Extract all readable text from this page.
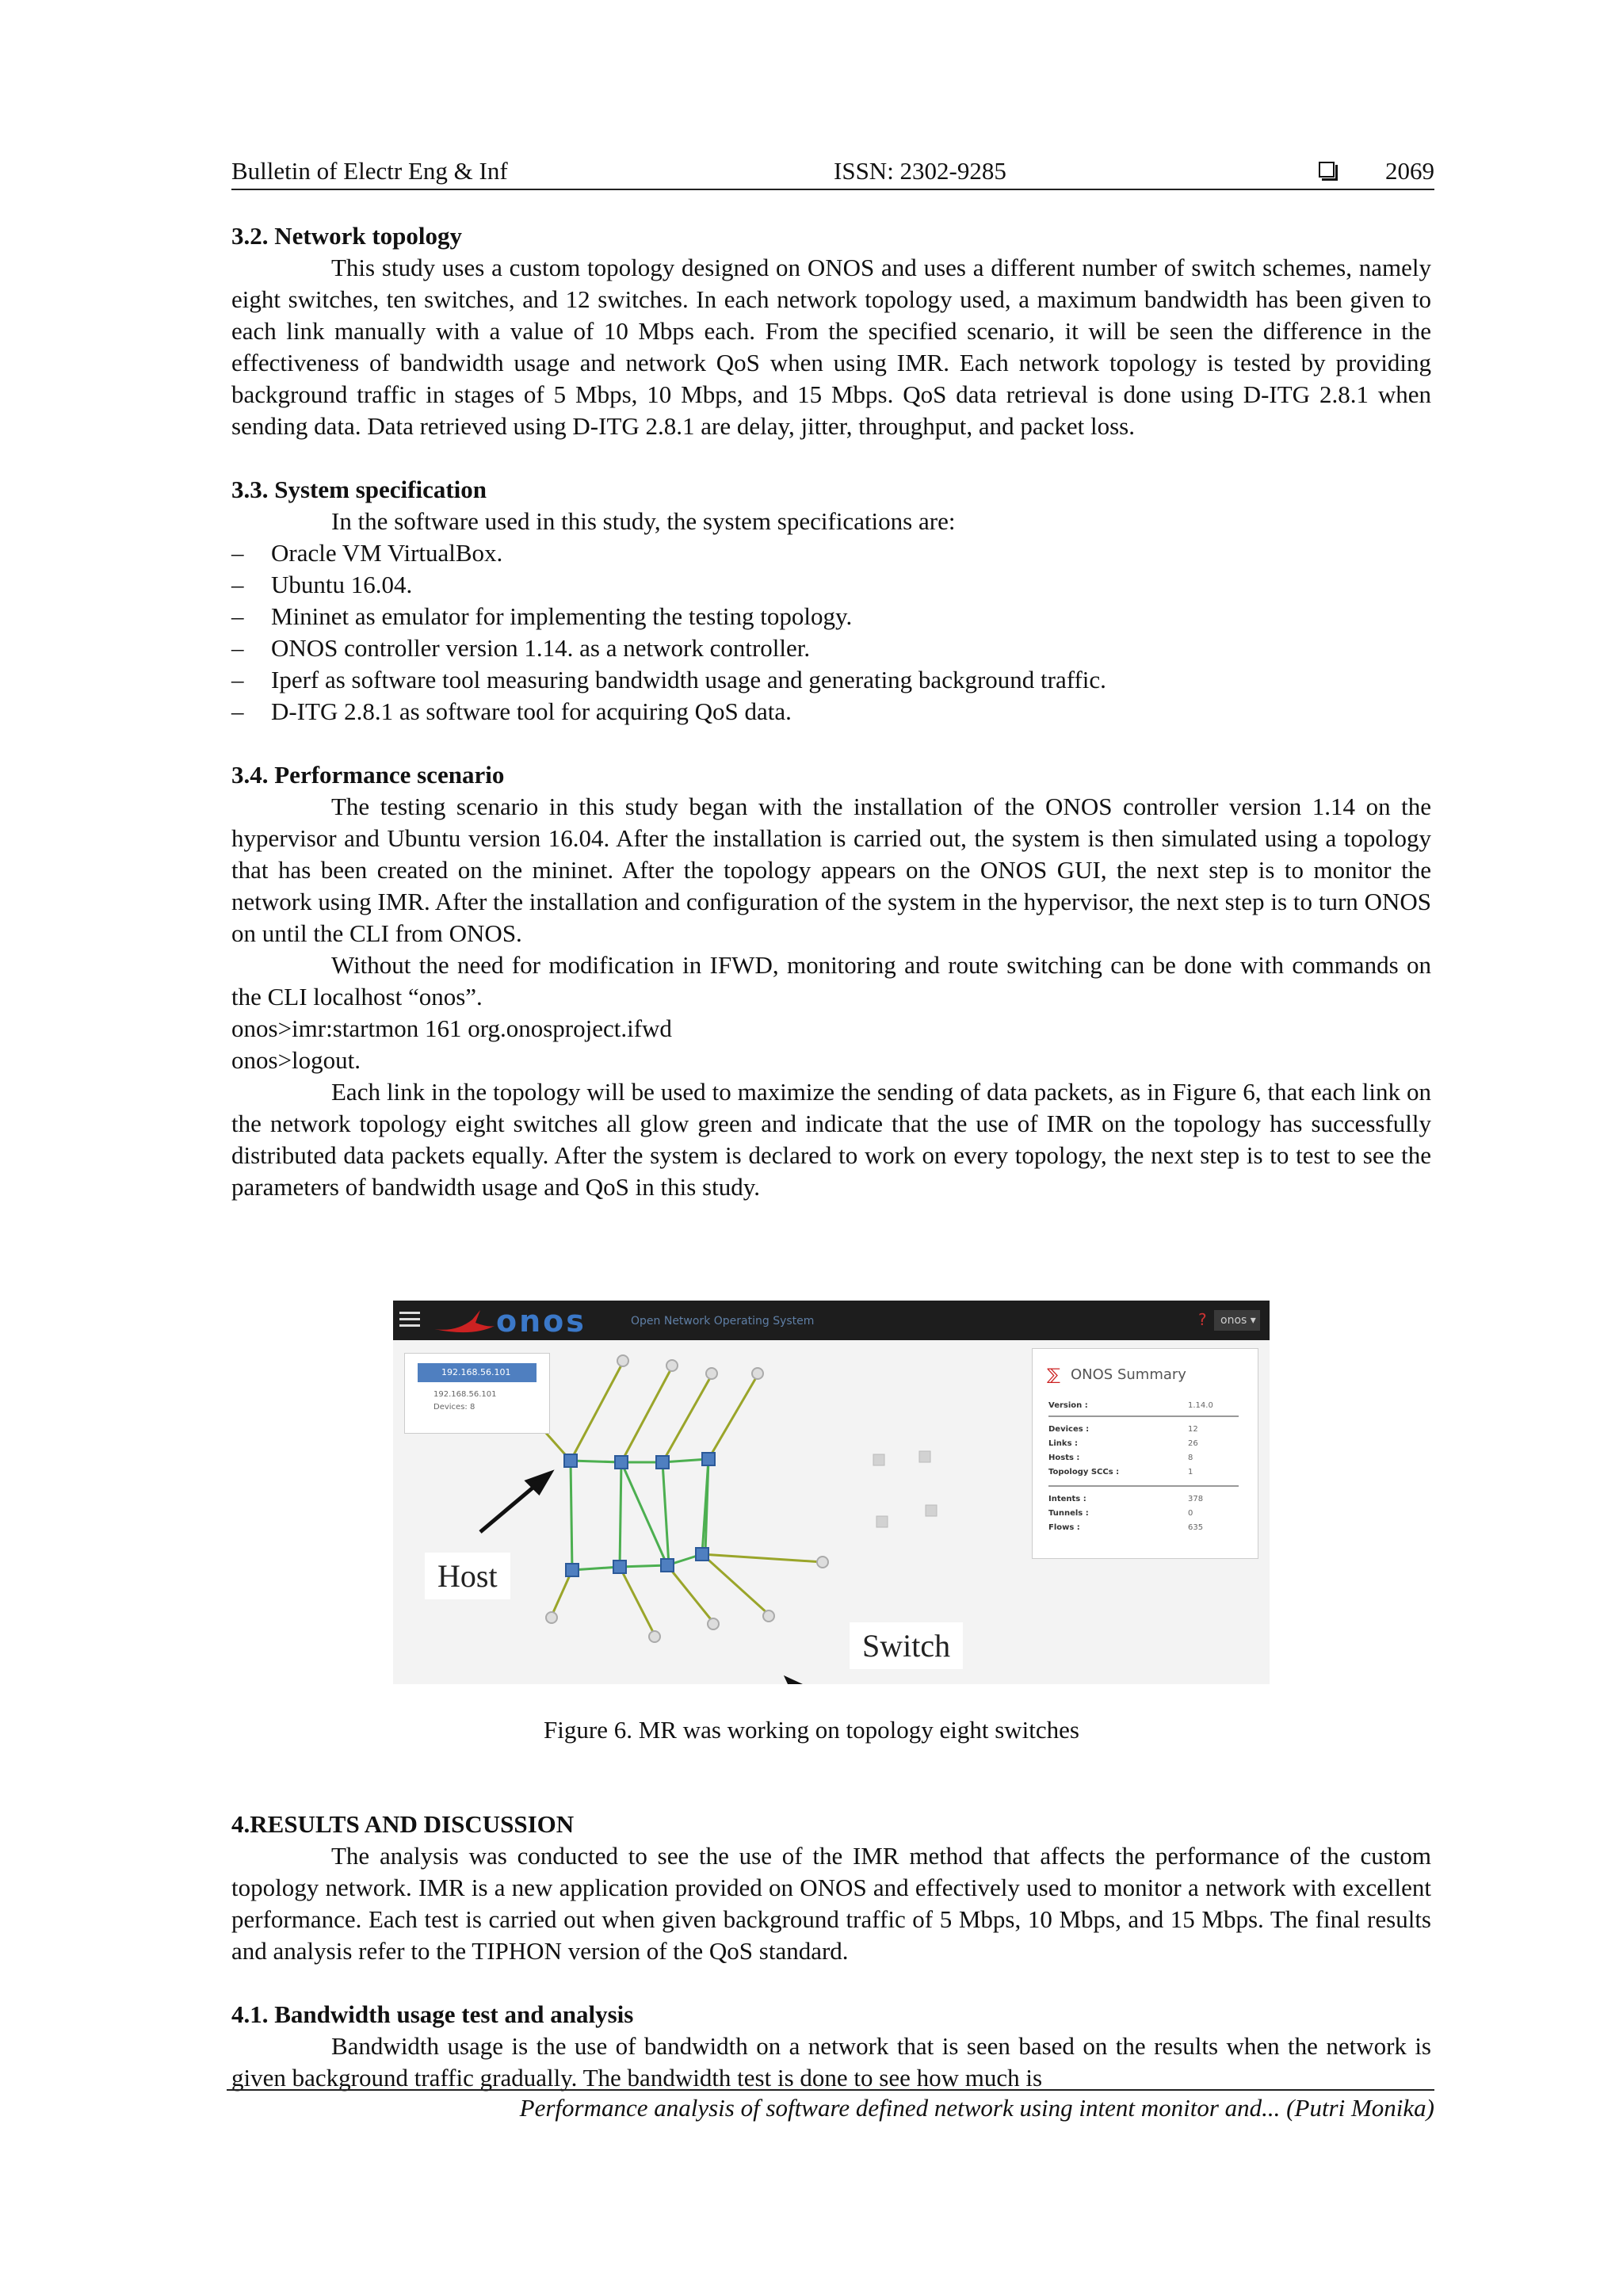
Bulletin of Electr Eng & Inf	ISSN: 2302-9285	2069
3.2. Network topology

This study uses a custom topology designed on ONOS and uses a different number of switch schemes, namely eight switches, ten switches, and 12 switches. In each network topology used, a maximum bandwidth has been given to each link manually with a value of 10 Mbps each. From the specified scenario, it will be seen the difference in the effectiveness of bandwidth usage and network QoS when using IMR. Each network topology is tested by providing background traffic in stages of 5 Mbps, 10 Mbps, and 15 Mbps. QoS data retrieval is done using D-ITG 2.8.1 when sending data. Data retrieved using D-ITG 2.8.1 are delay, jitter, throughput, and packet loss.

3.3. System specification

In the software used in this study, the system specifications are:

– Oracle VM VirtualBox.
– Ubuntu 16.04.
– Mininet as emulator for implementing the testing topology.
– ONOS controller version 1.14. as a network controller.
– Iperf as software tool measuring bandwidth usage and generating background traffic.
– D-ITG 2.8.1 as software tool for acquiring QoS data.
3.4. Performance scenario

The testing scenario in this study began with the installation of the ONOS controller version 1.14 on the hypervisor and Ubuntu version 16.04. After the installation is carried out, the system is then simulated using a topology that has been created on the mininet. After the topology appears on the ONOS GUI, the next step is to monitor the network using IMR. After the installation and configuration of the system in the hypervisor, the next step is to turn ONOS on until the CLI from ONOS.

Without the need for modification in IFWD, monitoring and route switching can be done with commands on the CLI localhost “onos”.

onos>imr:startmon 161 org.onosproject.ifwd

onos>logout.

Each link in the topology will be used to maximize the sending of data packets, as in Figure 6, that each link on the network topology eight switches all glow green and indicate that the use of IMR on the topology has successfully distributed data packets equally. After the system is declared to work on every topology, the next step is to test to see the parameters of bandwidth usage and QoS in this study.

onos	Open Network Operating System	?	onos ▾
192.168.56.101
192.168.56.101
Devices: 8
⅀ ONOS Summary
Version :	1.14.0
Devices :	12
Links :	26
Hosts :	8
Topology SCCs :	1
Intents :	378
Tunnels :	0
Flows :	635
Host
Switch
Figure 6. MR was working on topology eight switches
4.RESULTS AND DISCUSSION

The analysis was conducted to see the use of the IMR method that affects the performance of the custom topology network. IMR is a new application provided on ONOS and effectively used to monitor a network with excellent performance. Each test is carried out when given background traffic of 5 Mbps, 10 Mbps, and 15 Mbps. The final results and analysis refer to the TIPHON version of the QoS standard.

4.1. Bandwidth usage test and analysis

Bandwidth usage is the use of bandwidth on a network that is seen based on the results when the network is given background traffic gradually. The bandwidth test is done to see how much is

Performance analysis of software defined network using intent monitor and... (Putri Monika)
